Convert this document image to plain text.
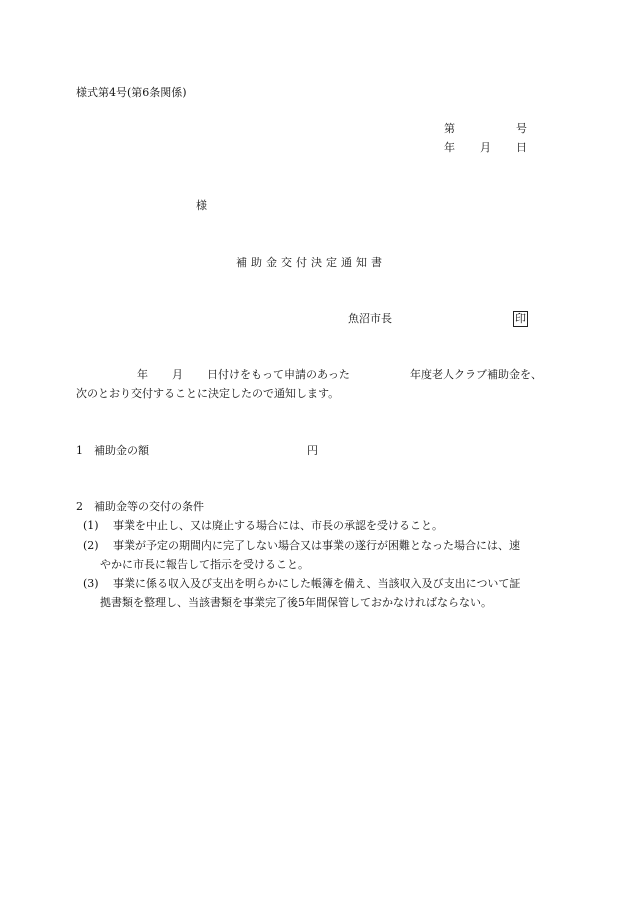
様式第4号(第6条関係)
第	号
年 月 日
様
補助金交付決定通知書
魚沼市長	印
年 月 日付けをもって申請のあった	年度老人クラブ補助金を、
次のとおり交付することに決定したので通知します。
1　補助金の額	円
2　補助金等の交付の条件
(1) 事業を中止し、又は廃止する場合には、市長の承認を受けること。
(2) 事業が予定の期間内に完了しない場合又は事業の遂行が困難となった場合には、速
やかに市長に報告して指示を受けること。
(3) 事業に係る収入及び支出を明らかにした帳簿を備え、当該収入及び支出について証
拠書類を整理し、当該書類を事業完了後5年間保管しておかなければならない。
